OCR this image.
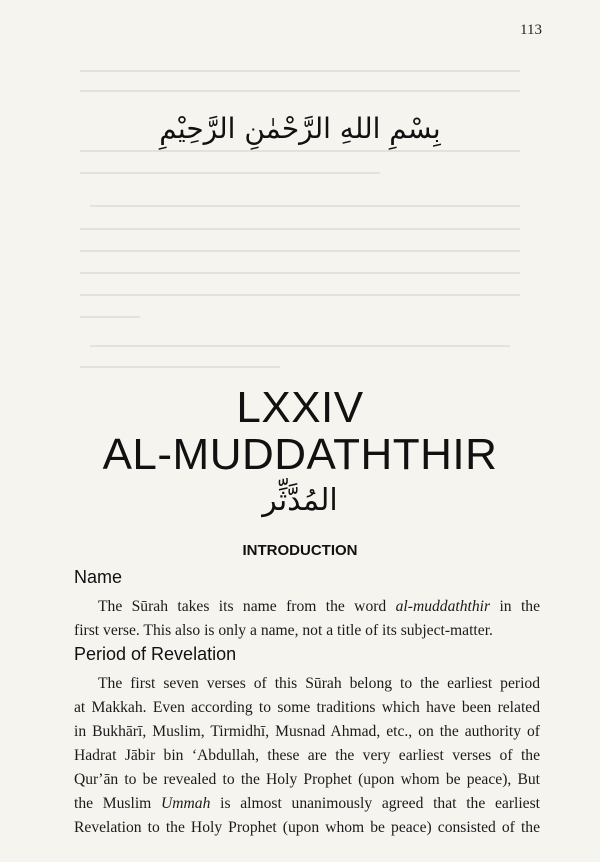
113
بِسْمِ اللهِ الرَّحْمٰنِ الرَّحِيْمِ
LXXIV
AL-MUDDATHTHIR
المُدَّثِّر
INTRODUCTION
Name
The Sūrah takes its name from the word al-muddaththir in the
first verse. This also is only a name, not a title of its subject-matter.
Period of Revelation
The first seven verses of this Sūrah belong to the earliest period
at Makkah. Even according to some traditions which have been related
in Bukhārī, Muslim, Tirmidhī, Musnad Ahmad, etc., on the authority of
Hadrat Jābir bin ʻAbdullah, these are the very earliest verses of the
Qurʼān to be revealed to the Holy Prophet (upon whom be peace), But
the Muslim Ummah is almost unanimously agreed that the earliest
Revelation to the Holy Prophet (upon whom be peace) consisted of the
